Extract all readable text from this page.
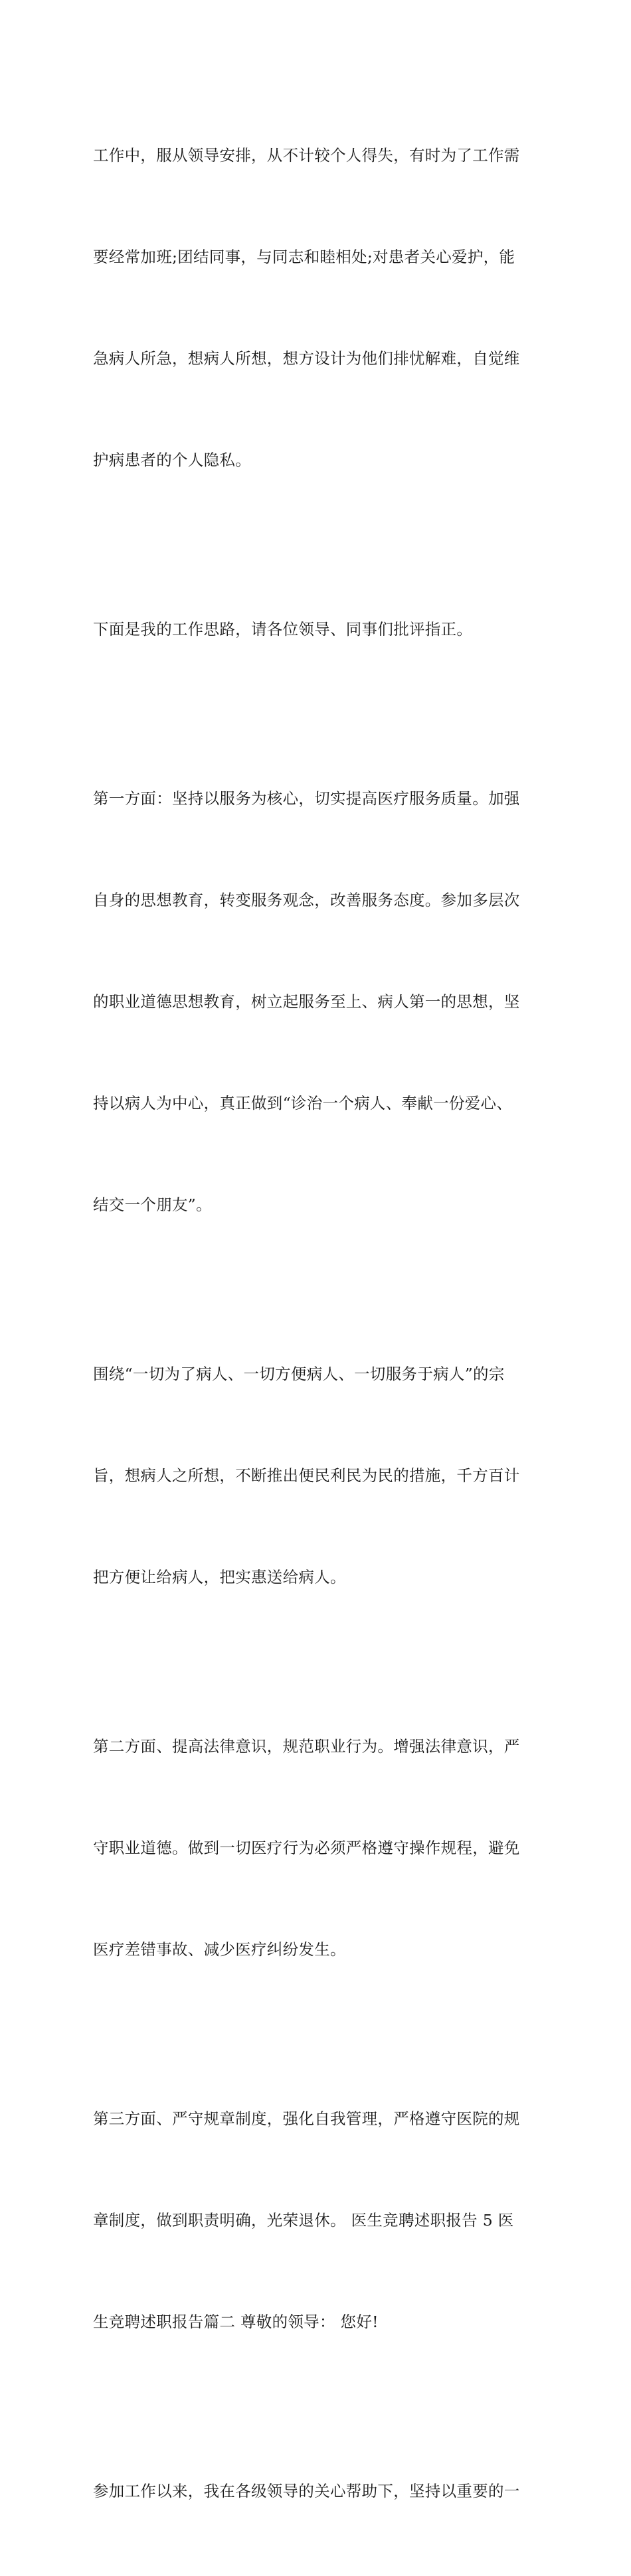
工作中，服从领导安排，从不计较个人得失，有时为了工作需

要经常加班;团结同事，与同志和睦相处;对患者关心爱护，能

急病人所急，想病人所想，想方设计为他们排忧解难，自觉维

护病患者的个人隐私。

下面是我的工作思路，请各位领导、同事们批评指正。

第一方面：坚持以服务为核心，切实提高医疗服务质量。加强

自身的思想教育，转变服务观念，改善服务态度。参加多层次

的职业道德思想教育，树立起服务至上、病人第一的思想，坚

持以病人为中心，真正做到“诊治一个病人、奉献一份爱心、

结交一个朋友”。

围绕“一切为了病人、一切方便病人、一切服务于病人”的宗

旨，想病人之所想，不断推出便民利民为民的措施，千方百计

把方便让给病人，把实惠送给病人。

第二方面、提高法律意识，规范职业行为。增强法律意识，严

守职业道德。做到一切医疗行为必须严格遵守操作规程，避免

医疗差错事故、减少医疗纠纷发生。

第三方面、严守规章制度，强化自我管理，严格遵守医院的规

章制度，做到职责明确，光荣退休。 医生竞聘述职报告 5 医

生竞聘述职报告篇二 尊敬的领导： 您好!

参加工作以来，我在各级领导的关心帮助下，坚持以重要的一
